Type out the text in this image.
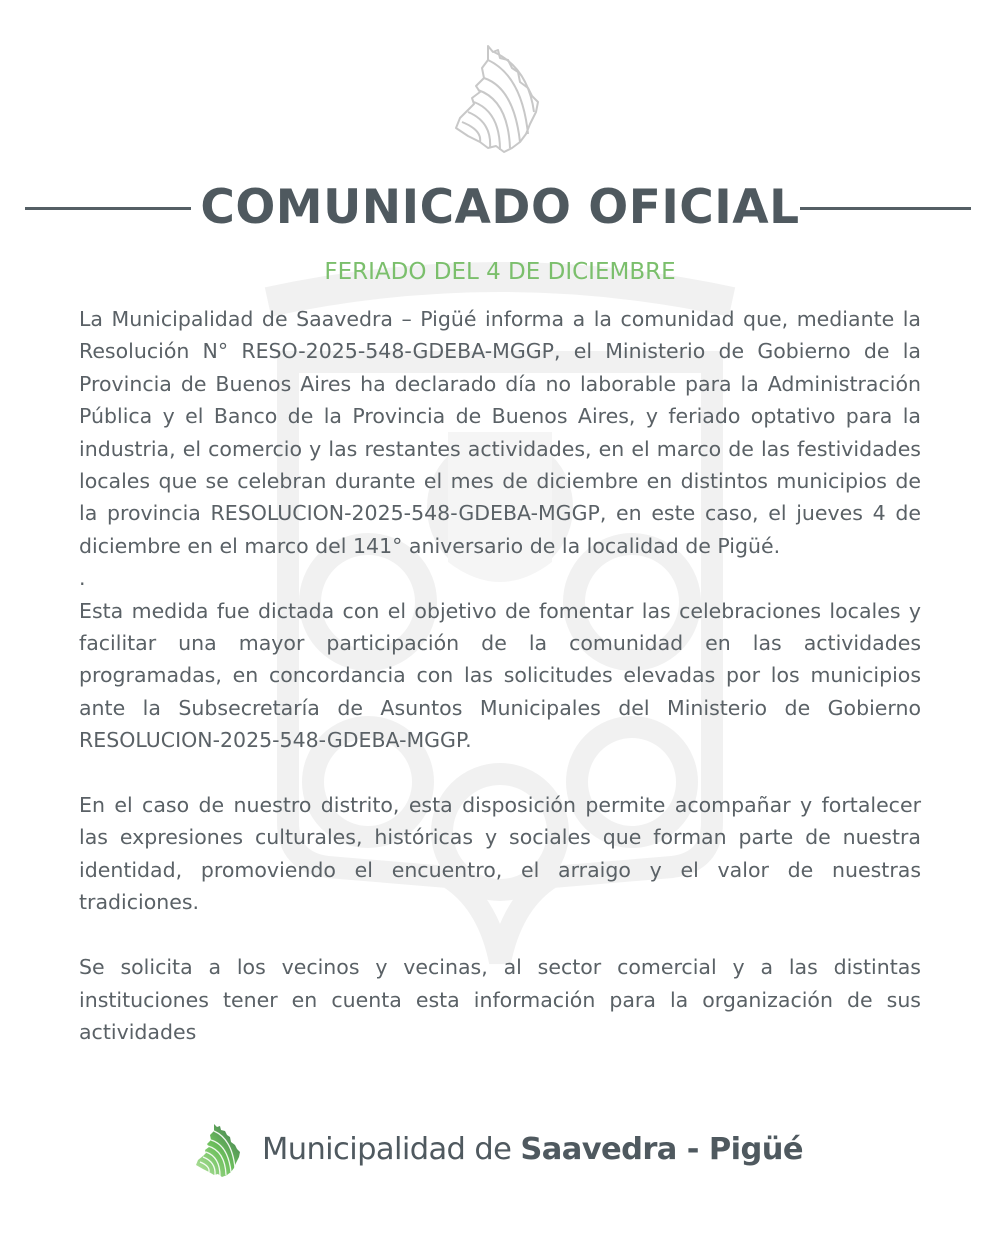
COMUNICADO OFICIAL
FERIADO DEL 4 DE DICIEMBRE

La Municipalidad de Saavedra – Pigüé informa a la comunidad que, mediante la Resolución N° RESO-2025-548-GDEBA-MGGP, el Ministerio de Gobierno de la Provincia de Buenos Aires ha declarado día no laborable para la Administración Pública y el Banco de la Provincia de Buenos Aires, y feriado optativo para la industria, el comercio y las restantes actividades, en el marco de las festividades locales que se celebran durante el mes de diciembre en distintos municipios de la provincia RESOLUCION-2025-548-GDEBA-MGGP, en este caso, el jueves 4 de diciembre en el marco del 141° aniversario de la localidad de Pigüé.

.

Esta medida fue dictada con el objetivo de fomentar las celebraciones locales y facilitar una mayor participación de la comunidad en las actividades programadas, en concordancia con las solicitudes elevadas por los municipios ante la Subsecretaría de Asuntos Municipales del Ministerio de Gobierno RESOLUCION-2025-548-GDEBA-MGGP.

En el caso de nuestro distrito, esta disposición permite acompañar y fortalecer las expresiones culturales, históricas y sociales que forman parte de nuestra identidad, promoviendo el encuentro, el arraigo y el valor de nuestras tradiciones.

Se solicita a los vecinos y vecinas, al sector comercial y a las distintas instituciones tener en cuenta esta información para la organización de sus actividades

Municipalidad de Saavedra - Pigüé
